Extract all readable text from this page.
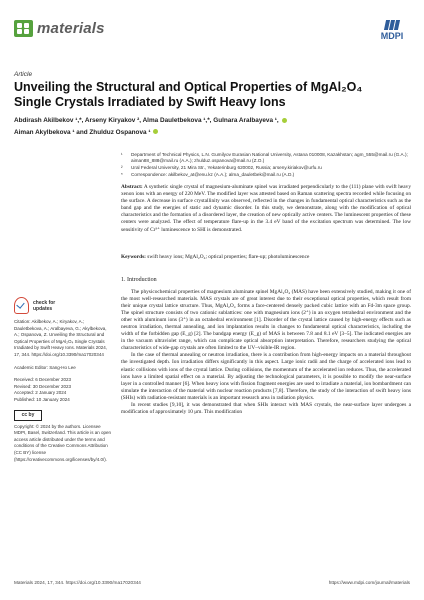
materials	MDPI
Article
Unveiling the Structural and Optical Properties of MgAl₂O₄ Single Crystals Irradiated by Swift Heavy Ions
Abdirash Akilbekov ¹,*, Arseny Kiryakov ², Alma Dauletbekova ¹,*, Gulnara Aralbayeva ¹,
Aiman Akylbekova ¹ and Zhulduz Ospanova ¹
¹	Department of Technical Physics, L.N. Gumilyov Eurasian National University, Astana 010008, Kazakhstan; agm_555@mail.ru (G.A.); aiman88_888@mail.ru (A.A.); zhulduz.ospanova@mail.ru (Z.O.)
²	Ural Federal University, 21 Mira Str., Yekaterinburg 620002, Russia; arseny.kiriakov@urfu.ru
*	Correspondence: akilbekov_at@enu.kz (A.A.); alma_dauletbek@mail.ru (A.D.)
Abstract: A synthetic single crystal of magnesium-aluminate spinel was irradiated perpendicularly to the (111) plane with swift heavy xenon ions with an energy of 220 MeV. The modified layer was attested based on Raman scattering spectra recorded while focusing on the surface. A decrease in surface crystallinity was observed, reflected in the changes in fundamental optical characteristics such as the band gap and the energies of static and dynamic disorder. In this study, we demonstrate, along with the modification of optical characteristics and the formation of a disordered layer, the creation of new optically active centers. The luminescent properties of these centers were analyzed. The effect of temperature flare-up in the 3.4 eV band of the excitation spectrum was determined. The low sensitivity of Cr³⁺ luminescence to SHI is demonstrated.
Keywords: swift heavy ions; MgAl₂O₄; optical properties; flare-up; photoluminescence
check for updates
Citation: Akilbekov, A.; Kiryakov, A.; Dauletbekova, A.; Aralbayeva, G.; Akylbekova, A.; Ospanova, Z. Unveiling the Structural and Optical Properties of MgAl₂O₄ Single Crystals Irradiated by Swift Heavy Ions. Materials 2024, 17, 344. https://doi.org/10.3390/ma17020344
Academic Editor: Sang-Ho Lee
Received: 6 December 2023
Revised: 30 December 2023
Accepted: 2 January 2024
Published: 10 January 2024
cc by
Copyright: © 2024 by the authors. Licensee MDPI, Basel, Switzerland. This article is an open access article distributed under the terms and conditions of the Creative Commons Attribution (CC BY) license (https://creativecommons.org/licenses/by/4.0/).
1. Introduction

The physicochemical properties of magnesium aluminate spinel MgAl₂O₄ (MAS) have been extensively studied, making it one of the most well-researched materials. MAS crystals are of great interest due to their exceptional optical properties, which result from their unique crystal lattice structure. Thus, MgAl₂O₄ forms a face-centered densely packed cubic lattice with an Fd-3m space group. The spinel structure consists of two cationic sublattices: one with magnesium ions (2⁺) in an oxygen tetrahedral environment and the other with aluminum ions (3⁺) in an octahedral environment [1]. Disorder of the crystal lattice caused by high-energy effects such as neutron irradiation, thermal annealing, and ion implantation results in changes to fundamental optical characteristics, including the width of the forbidden gap (E_g) [2]. The bandgap energy (E_g) of MAS is between 7.8 and 8.1 eV [3–5]. The indicated energies are in the vacuum ultraviolet range, which can complicate optical absorption interpretation. Therefore, researchers studying the optical characteristics of wide-gap crystals are often limited to the UV–visible-IR region.

In the case of thermal annealing or neutron irradiation, there is a contribution from high-energy impacts on a material throughout the investigated depth. Ion irradiation differs significantly in this aspect. Large ionic radii and the charge of accelerated ions lead to elastic collisions with ions of the crystal lattice. During collisions, the momentum of the accelerated ion reduces. Thus, the accelerated ions have a limited spatial effect on a material. By adjusting the technological parameters, it is possible to modify the near-surface layer in a controlled manner [6]. When heavy ions with fission fragment energies are used to irradiate a material, ion bombardment can simulate the interaction of the material with nuclear reaction products [7,8]. Therefore, the study of the interaction of swift heavy ions (SHIs) with radiation-resistant materials is an important research area in radiation physics.

In recent studies [9,10], it was demonstrated that when SHIs interact with MAS crystals, the near-surface layer undergoes a modification of approximately 10 μm. This modification

Materials 2024, 17, 344. https://doi.org/10.3390/ma17020344	https://www.mdpi.com/journal/materials
